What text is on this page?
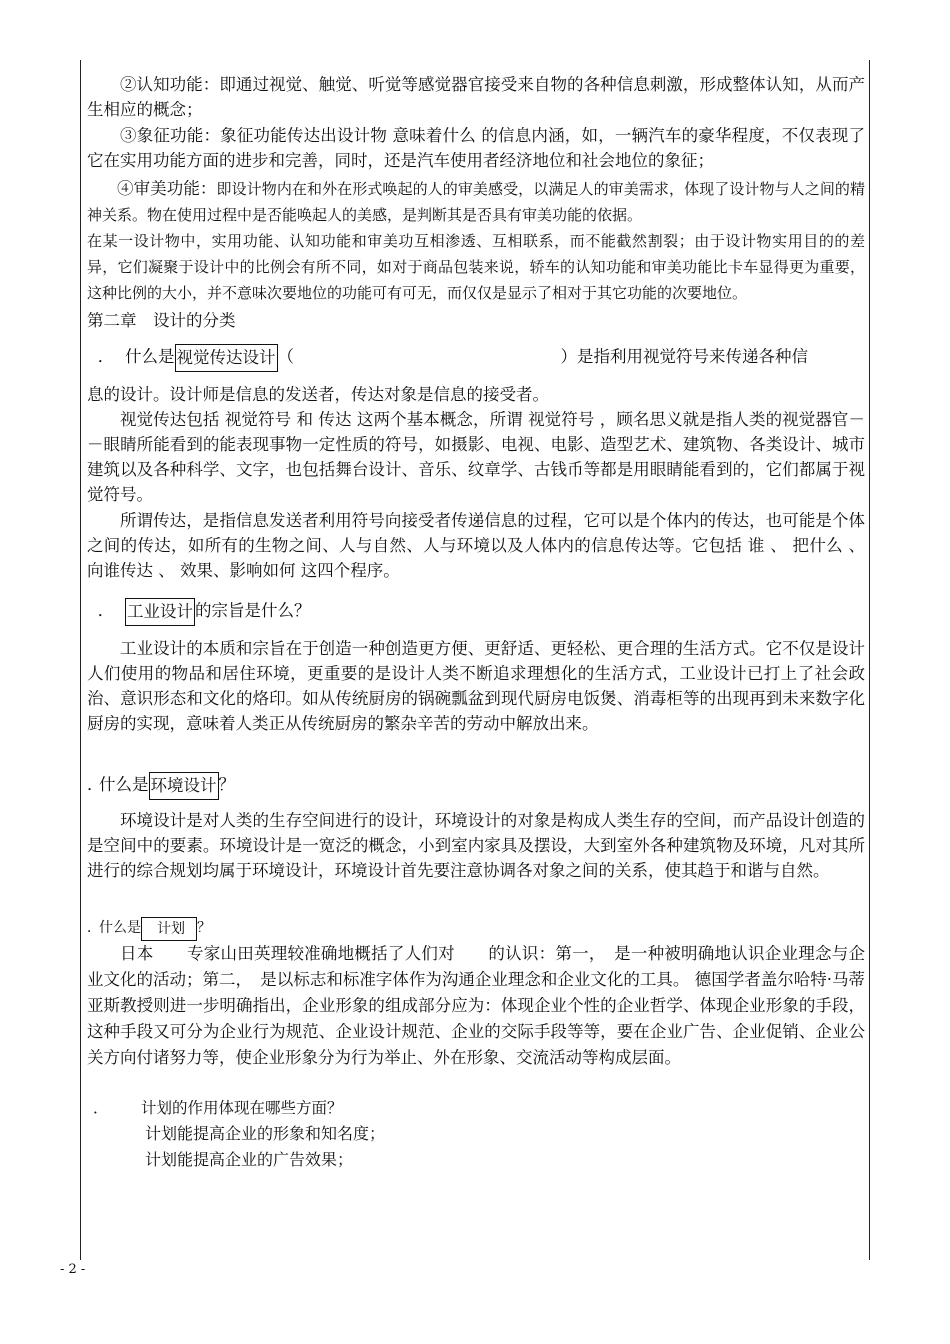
②认知功能：即通过视觉、触觉、听觉等感觉器官接受来自物的各种信息刺激，形成整体认知，从而产生相应的概念；

③象征功能：象征功能传达出设计物 意味着什么 的信息内涵，如，一辆汽车的豪华程度，不仅表现了它在实用功能方面的进步和完善，同时，还是汽车使用者经济地位和社会地位的象征；

④审美功能：即设计物内在和外在形式唤起的人的审美感受，以满足人的审美需求，体现了设计物与人之间的精神关系。物在使用过程中是否能唤起人的美感，是判断其是否具有审美功能的依据。

在某一设计物中，实用功能、认知功能和审美功互相渗透、互相联系，而不能截然割裂；由于设计物实用目的的差异，它们凝聚于设计中的比例会有所不同，如对于商品包装来说，轿车的认知功能和审美功能比卡车显得更为重要，这种比例的大小，并不意味次要地位的功能可有可无，而仅仅是显示了相对于其它功能的次要地位。

第二章　设计的分类

． 什么是 视觉传达设计 （	）是指利用视觉符号来传递各种信

息的设计。设计师是信息的发送者，传达对象是信息的接受者。

视觉传达包括 视觉符号 和 传达 这两个基本概念，所谓 视觉符号 ，顾名思义就是指人类的视觉器官－－眼睛所能看到的能表现事物一定性质的符号，如摄影、电视、电影、造型艺术、建筑物、各类设计、城市建筑以及各种科学、文字，也包括舞台设计、音乐、纹章学、古钱币等都是用眼睛能看到的，它们都属于视觉符号。

所谓传达，是指信息发送者利用符号向接受者传递信息的过程，它可以是个体内的传达，也可能是个体之间的传达，如所有的生物之间、人与自然、人与环境以及人体内的信息传达等。它包括 谁 、 把什么 、 向谁传达 、 效果、影响如何 这四个程序。

． 工业设计 的宗旨是什么？

工业设计的本质和宗旨在于创造一种创造更方便、更舒适、更轻松、更合理的生活方式。它不仅是设计人们使用的物品和居住环境，更重要的是设计人类不断追求理想化的生活方式，工业设计已打上了社会政治、意识形态和文化的烙印。如从传统厨房的锅碗瓢盆到现代厨房电饭煲、消毒柜等的出现再到未来数字化厨房的实现，意味着人类正从传统厨房的繁杂辛苦的劳动中解放出来。

．
什么是 环境设计 ？

环境设计是对人类的生存空间进行的设计，环境设计的对象是构成人类生存的空间，而产品设计创造的是空间中的要素。环境设计是一宽泛的概念，小到室内家具及摆设，大到室外各种建筑物及环境，凡对其所进行的综合规划均属于环境设计，环境设计首先要注意协调各对象之间的关系，使其趋于和谐与自然。

．
什么是 　计划 ？

日本　　专家山田英理较准确地概括了人们对　　的认识：第一，　是一种被明确地认识企业理念与企业文化的活动；第二，　是以标志和标准字体作为沟通企业理念和企业文化的工具。 德国学者盖尔哈特·马蒂亚斯教授则进一步明确指出，企业形象的组成部分应为：体现企业个性的企业哲学、体现企业形象的手段，这种手段又可分为企业行为规范、企业设计规范、企业的交际手段等等，要在企业广告、企业促销、企业公关方向付诸努力等，使企业形象分为行为举止、外在形象、交流活动等构成层面。

．	计划的作用体现在哪些方面？
计划能提高企业的形象和知名度；
计划能提高企业的广告效果；
- 2 -
